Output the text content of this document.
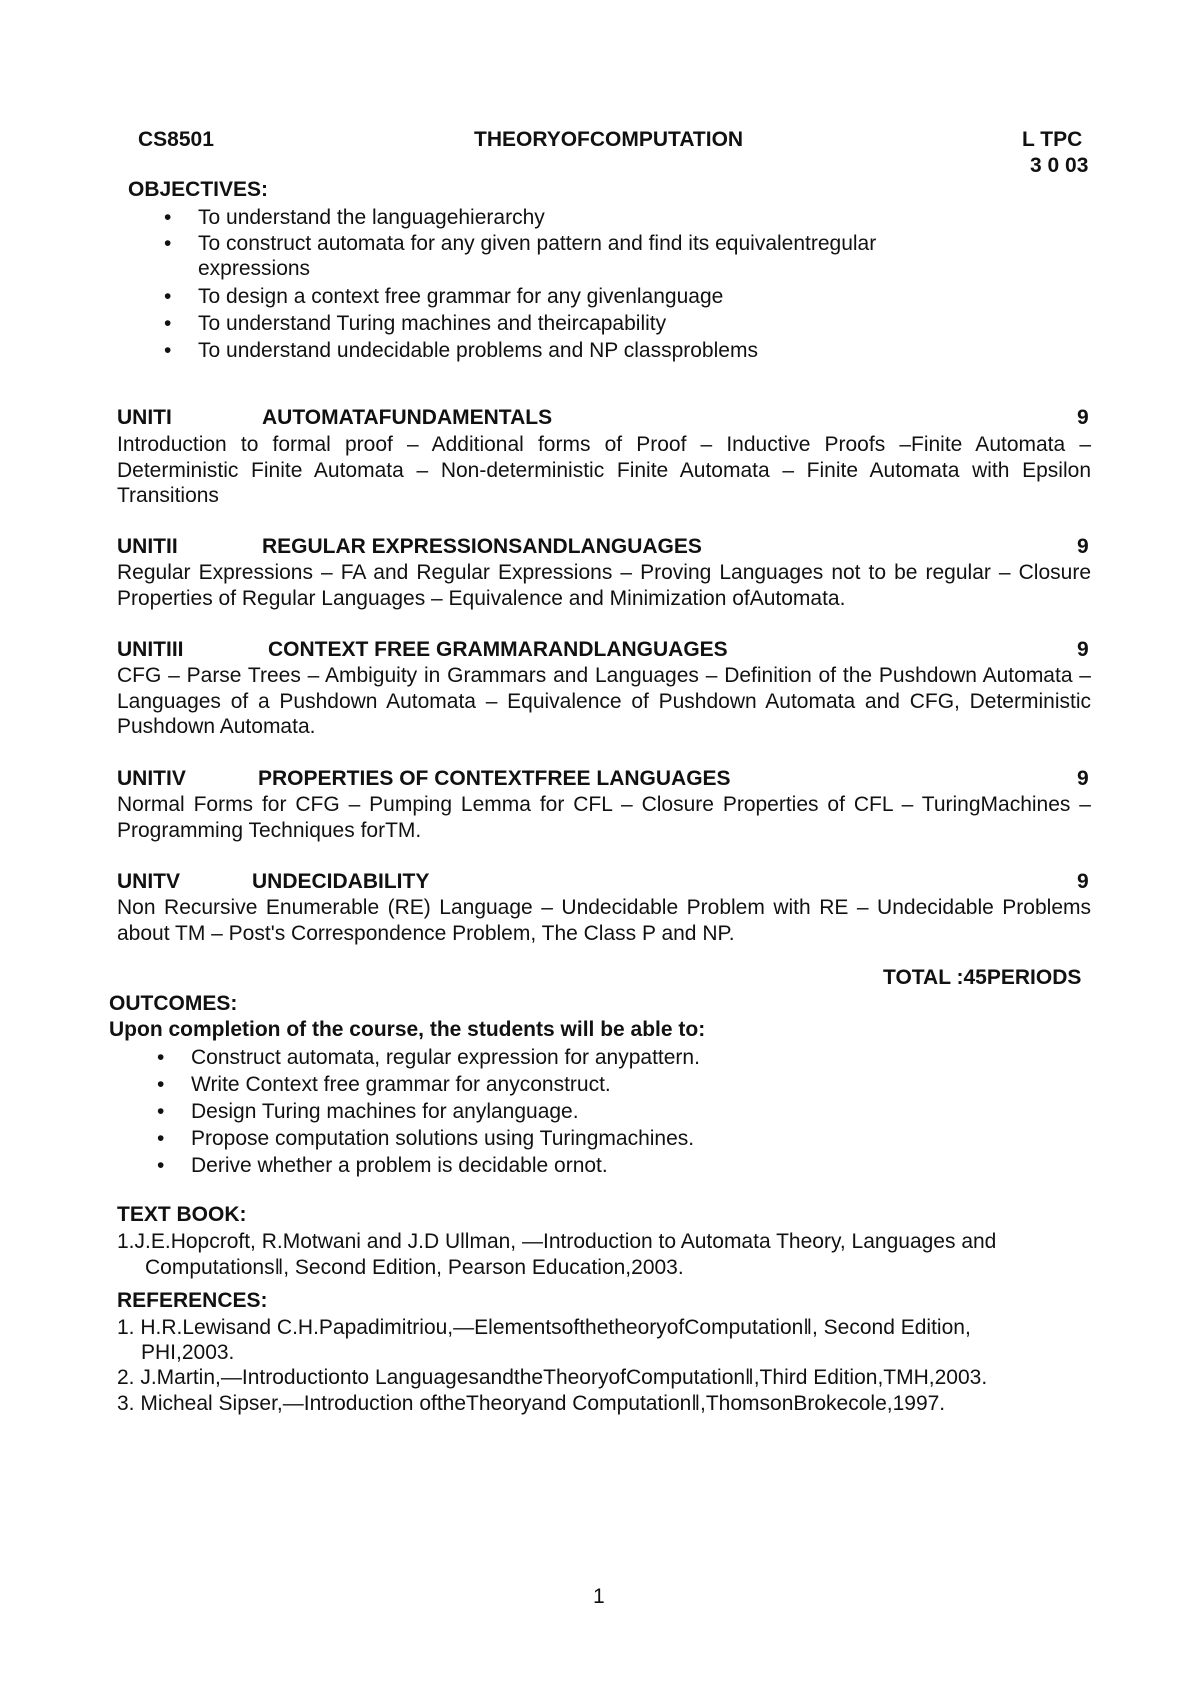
CS8501	THEORYOFCOMPUTATION	L TPC
3 0 03
OBJECTIVES:
• To understand the languagehierarchy
• To construct automata for any given pattern and find its equivalentregular expressions
• To design a context free grammar for any givenlanguage
• To understand Turing machines and theircapability
• To understand undecidable problems and NP classproblems
UNITI	AUTOMATAFUNDAMENTALS	9
Introduction to formal proof – Additional forms of Proof – Inductive Proofs –Finite Automata – Deterministic Finite Automata – Non-deterministic Finite Automata – Finite Automata with Epsilon Transitions
UNITII	REGULAR EXPRESSIONSANDLANGUAGES	9
Regular Expressions – FA and Regular Expressions – Proving Languages not to be regular – Closure Properties of Regular Languages – Equivalence and Minimization ofAutomata.
UNITIII	CONTEXT FREE GRAMMARANDLANGUAGES	9
CFG – Parse Trees – Ambiguity in Grammars and Languages – Definition of the Pushdown Automata – Languages of a Pushdown Automata – Equivalence of Pushdown Automata and CFG, Deterministic Pushdown Automata.
UNITIV	PROPERTIES OF CONTEXTFREE LANGUAGES	9
Normal Forms for CFG – Pumping Lemma for CFL – Closure Properties of CFL – TuringMachines – Programming Techniques forTM.
UNITV	UNDECIDABILITY	9
Non Recursive Enumerable (RE) Language – Undecidable Problem with RE – Undecidable Problems about TM – Post's Correspondence Problem, The Class P and NP.
TOTAL :45PERIODS
OUTCOMES:
Upon completion of the course, the students will be able to:
• Construct automata, regular expression for anypattern.
• Write Context free grammar for anyconstruct.
• Design Turing machines for anylanguage.
• Propose computation solutions using Turingmachines.
• Derive whether a problem is decidable ornot.
TEXT BOOK:
1.J.E.Hopcroft, R.Motwani and J.D Ullman, ―Introduction to Automata Theory, Languages and
Computations‖, Second Edition, Pearson Education,2003.
REFERENCES:
1. H.R.Lewisand C.H.Papadimitriou,―ElementsofthetheoryofComputation‖, Second Edition,
PHI,2003.
2. J.Martin,―Introductionto LanguagesandtheTheoryofComputation‖,Third Edition,TMH,2003.
3. Micheal Sipser,―Introduction oftheTheoryand Computation‖,ThomsonBrokecole,1997.
1
